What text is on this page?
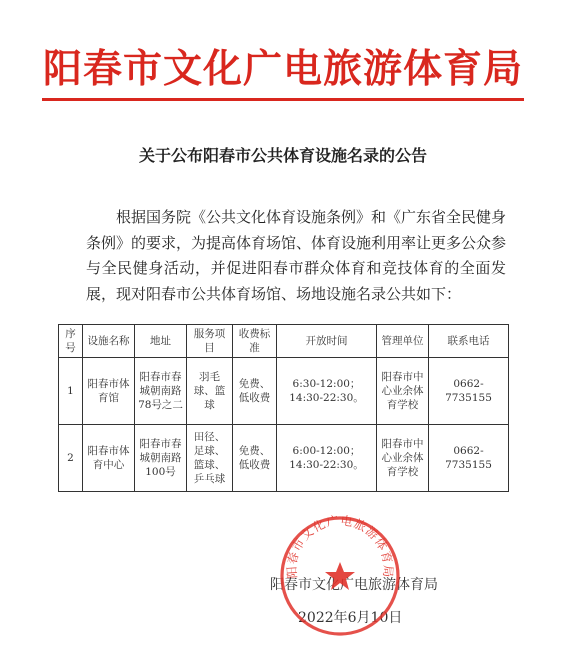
阳春市文化广电旅游体育局
关于公布阳春市公共体育设施名录的公告
根据国务院《公共文化体育设施条例》和《广东省全民健身条例》的要求，为提高体育场馆、体育设施利用率让更多公众参与全民健身活动，并促进阳春市群众体育和竞技体育的全面发展，现对阳春市公共体育场馆、场地设施名录公共如下：
序号	设施名称	地址	服务项目	收费标准	开放时间	管理单位	联系电话
1	阳春市体育馆	阳春市春城朝南路78号之二	羽毛球、篮球	免费、低收费	6:30-12:00；14:30-22:30。	阳春市中心业余体育学校	0662-7735155
2	阳春市体育中心	阳春市春城朝南路100号	田径、足球、篮球、乒乓球	免费、低收费	6:00-12:00；14:30-22:30。	阳春市中心业余体育学校	0662-7735155
阳春市文化广电旅游体育局
2022年6月10日
阳春市文化广电旅游体育局
